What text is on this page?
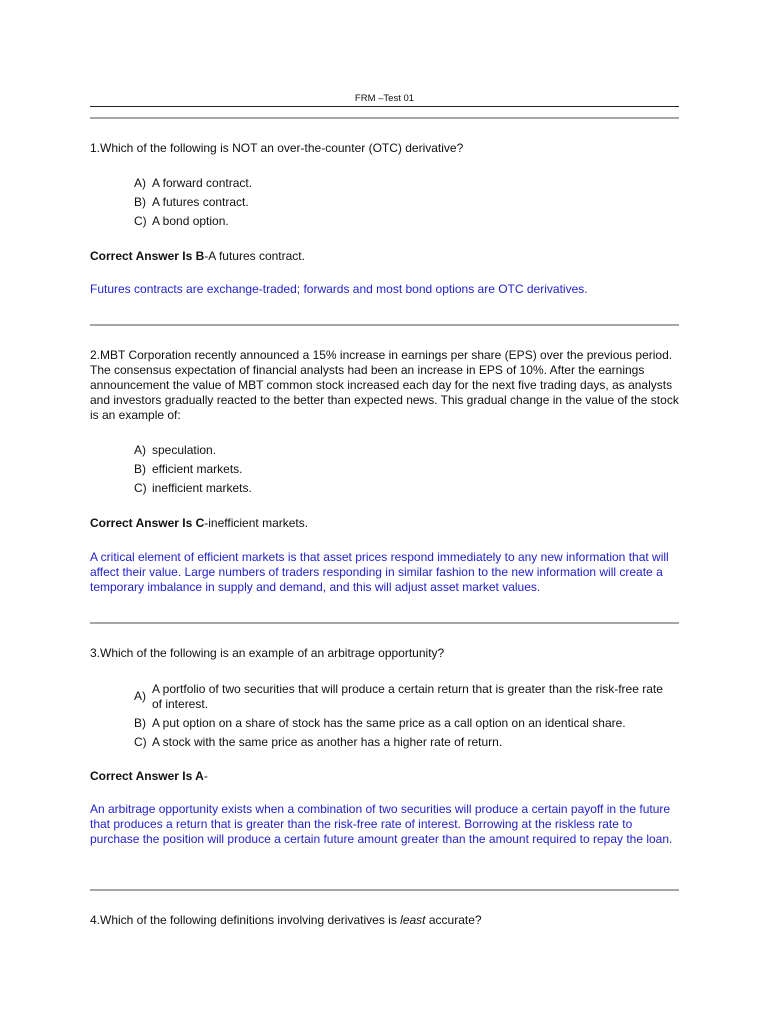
FRM –Test 01
1.Which of the following is NOT an over-the-counter (OTC) derivative?
A) A forward contract.
B) A futures contract.
C) A bond option.
Correct Answer Is B-A futures contract.
Futures contracts are exchange-traded; forwards and most bond options are OTC derivatives.
2.MBT Corporation recently announced a 15% increase in earnings per share (EPS) over the previous period. The consensus expectation of financial analysts had been an increase in EPS of 10%. After the earnings announcement the value of MBT common stock increased each day for the next five trading days, as analysts and investors gradually reacted to the better than expected news. This gradual change in the value of the stock is an example of:
A) speculation.
B) efficient markets.
C) inefficient markets.
Correct Answer Is C-inefficient markets.
A critical element of efficient markets is that asset prices respond immediately to any new information that will affect their value. Large numbers of traders responding in similar fashion to the new information will create a temporary imbalance in supply and demand, and this will adjust asset market values.
3.Which of the following is an example of an arbitrage opportunity?
A) A portfolio of two securities that will produce a certain return that is greater than the risk-free rate of interest.
B) A put option on a share of stock has the same price as a call option on an identical share.
C) A stock with the same price as another has a higher rate of return.
Correct Answer Is A-
An arbitrage opportunity exists when a combination of two securities will produce a certain payoff in the future that produces a return that is greater than the risk-free rate of interest. Borrowing at the riskless rate to purchase the position will produce a certain future amount greater than the amount required to repay the loan.
4.Which of the following definitions involving derivatives is least accurate?
